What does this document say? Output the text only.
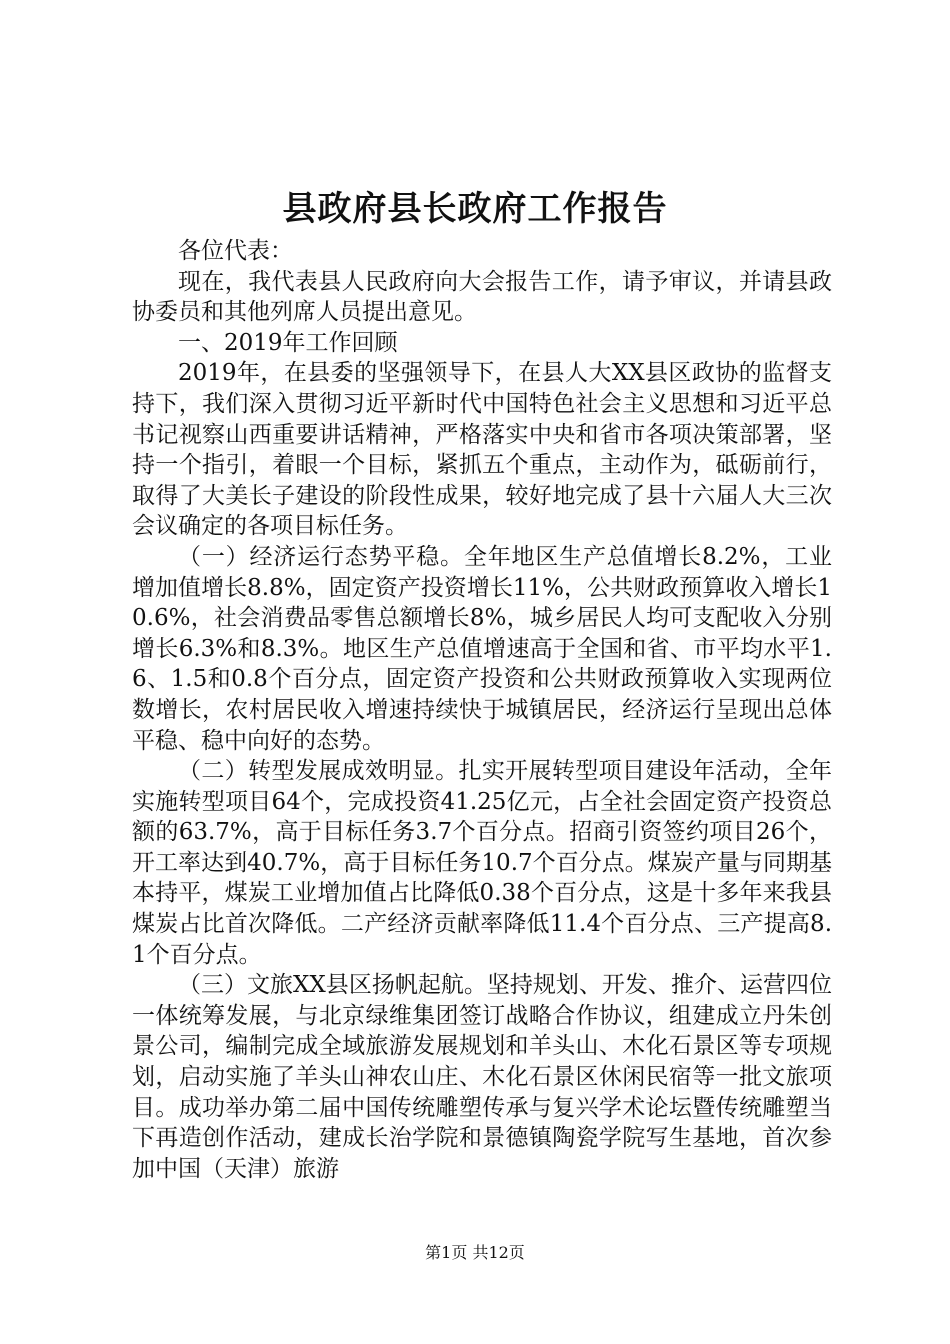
县政府县长政府工作报告

各位代表：

现在，我代表县人民政府向大会报告工作，请予审议，并请县政协委员和其他列席人员提出意见。

一、2019年工作回顾

2019年，在县委的坚强领导下，在县人大XX县区政协的监督支持下，我们深入贯彻习近平新时代中国特色社会主义思想和习近平总书记视察山西重要讲话精神，严格落实中央和省市各项决策部署，坚持一个指引，着眼一个目标，紧抓五个重点，主动作为，砥砺前行，取得了大美长子建设的阶段性成果，较好地完成了县十六届人大三次会议确定的各项目标任务。

（一）经济运行态势平稳。全年地区生产总值增长8.2%，工业增加值增长8.8%，固定资产投资增长11%，公共财政预算收入增长10.6%，社会消费品零售总额增长8%，城乡居民人均可支配收入分别增长6.3%和8.3%。地区生产总值增速高于全国和省、市平均水平1.6、1.5和0.8个百分点，固定资产投资和公共财政预算收入实现两位数增长，农村居民收入增速持续快于城镇居民，经济运行呈现出总体平稳、稳中向好的态势。

（二）转型发展成效明显。扎实开展转型项目建设年活动，全年实施转型项目64个，完成投资41.25亿元，占全社会固定资产投资总额的63.7%，高于目标任务3.7个百分点。招商引资签约项目26个，开工率达到40.7%，高于目标任务10.7个百分点。煤炭产量与同期基本持平，煤炭工业增加值占比降低0.38个百分点，这是十多年来我县煤炭占比首次降低。二产经济贡献率降低11.4个百分点、三产提高8.1个百分点。

（三）文旅XX县区扬帆起航。坚持规划、开发、推介、运营四位一体统筹发展，与北京绿维集团签订战略合作协议，组建成立丹朱创景公司，编制完成全域旅游发展规划和羊头山、木化石景区等专项规划，启动实施了羊头山神农山庄、木化石景区休闲民宿等一批文旅项目。成功举办第二届中国传统雕塑传承与复兴学术论坛暨传统雕塑当下再造创作活动，建成长治学院和景德镇陶瓷学院写生基地，首次参加中国（天津）旅游

第1页 共12页
